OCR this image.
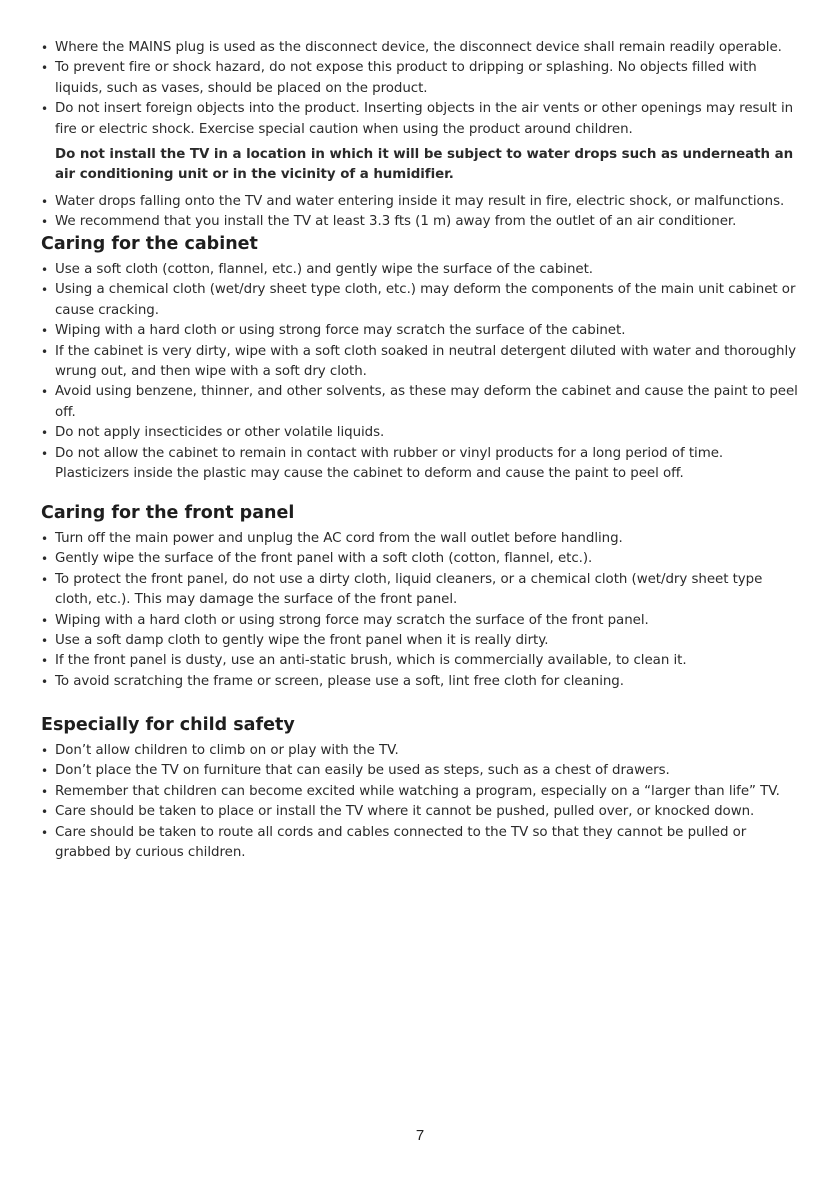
• Where the MAINS plug is used as the disconnect device, the disconnect device shall remain readily operable.
• To prevent fire or shock hazard, do not expose this product to dripping or splashing. No objects filled with liquids, such as vases, should be placed on the product.
• Do not insert foreign objects into the product. Inserting objects in the air vents or other openings may result in fire or electric shock. Exercise special caution when using the product around children.
Do not install the TV in a location in which it will be subject to water drops such as underneath an air conditioning unit or in the vicinity of a humidifier.
• Water drops falling onto the TV and water entering inside it may result in fire, electric shock, or malfunctions.
• We recommend that you install the TV at least 3.3 fts (1 m) away from the outlet of an air conditioner.
Caring for the cabinet
• Use a soft cloth (cotton, flannel, etc.) and gently wipe the surface of the cabinet.
• Using a chemical cloth (wet/dry sheet type cloth, etc.) may deform the components of the main unit cabinet or cause cracking.
• Wiping with a hard cloth or using strong force may scratch the surface of the cabinet.
• If the cabinet is very dirty, wipe with a soft cloth soaked in neutral detergent diluted with water and thoroughly wrung out, and then wipe with a soft dry cloth.
• Avoid using benzene, thinner, and other solvents, as these may deform the cabinet and cause the paint to peel off.
• Do not apply insecticides or other volatile liquids.
• Do not allow the cabinet to remain in contact with rubber or vinyl products for a long period of time. Plasticizers inside the plastic may cause the cabinet to deform and cause the paint to peel off.
Caring for the front panel
• Turn off the main power and unplug the AC cord from the wall outlet before handling.
• Gently wipe the surface of the front panel with a soft cloth (cotton, flannel, etc.).
• To protect the front panel, do not use a dirty cloth, liquid cleaners, or a chemical cloth (wet/dry sheet type cloth, etc.). This may damage the surface of the front panel.
• Wiping with a hard cloth or using strong force may scratch the surface of the front panel.
• Use a soft damp cloth to gently wipe the front panel when it is really dirty.
• If the front panel is dusty, use an anti-static brush, which is commercially available, to clean it.
• To avoid scratching the frame or screen, please use a soft, lint free cloth for cleaning.
Especially for child safety
• Don’t allow children to climb on or play with the TV.
• Don’t place the TV on furniture that can easily be used as steps, such as a chest of drawers.
• Remember that children can become excited while watching a program, especially on a “larger than life” TV.
• Care should be taken to place or install the TV where it cannot be pushed, pulled over, or knocked down.
• Care should be taken to route all cords and cables connected to the TV so that they cannot be pulled or grabbed by curious children.
7
